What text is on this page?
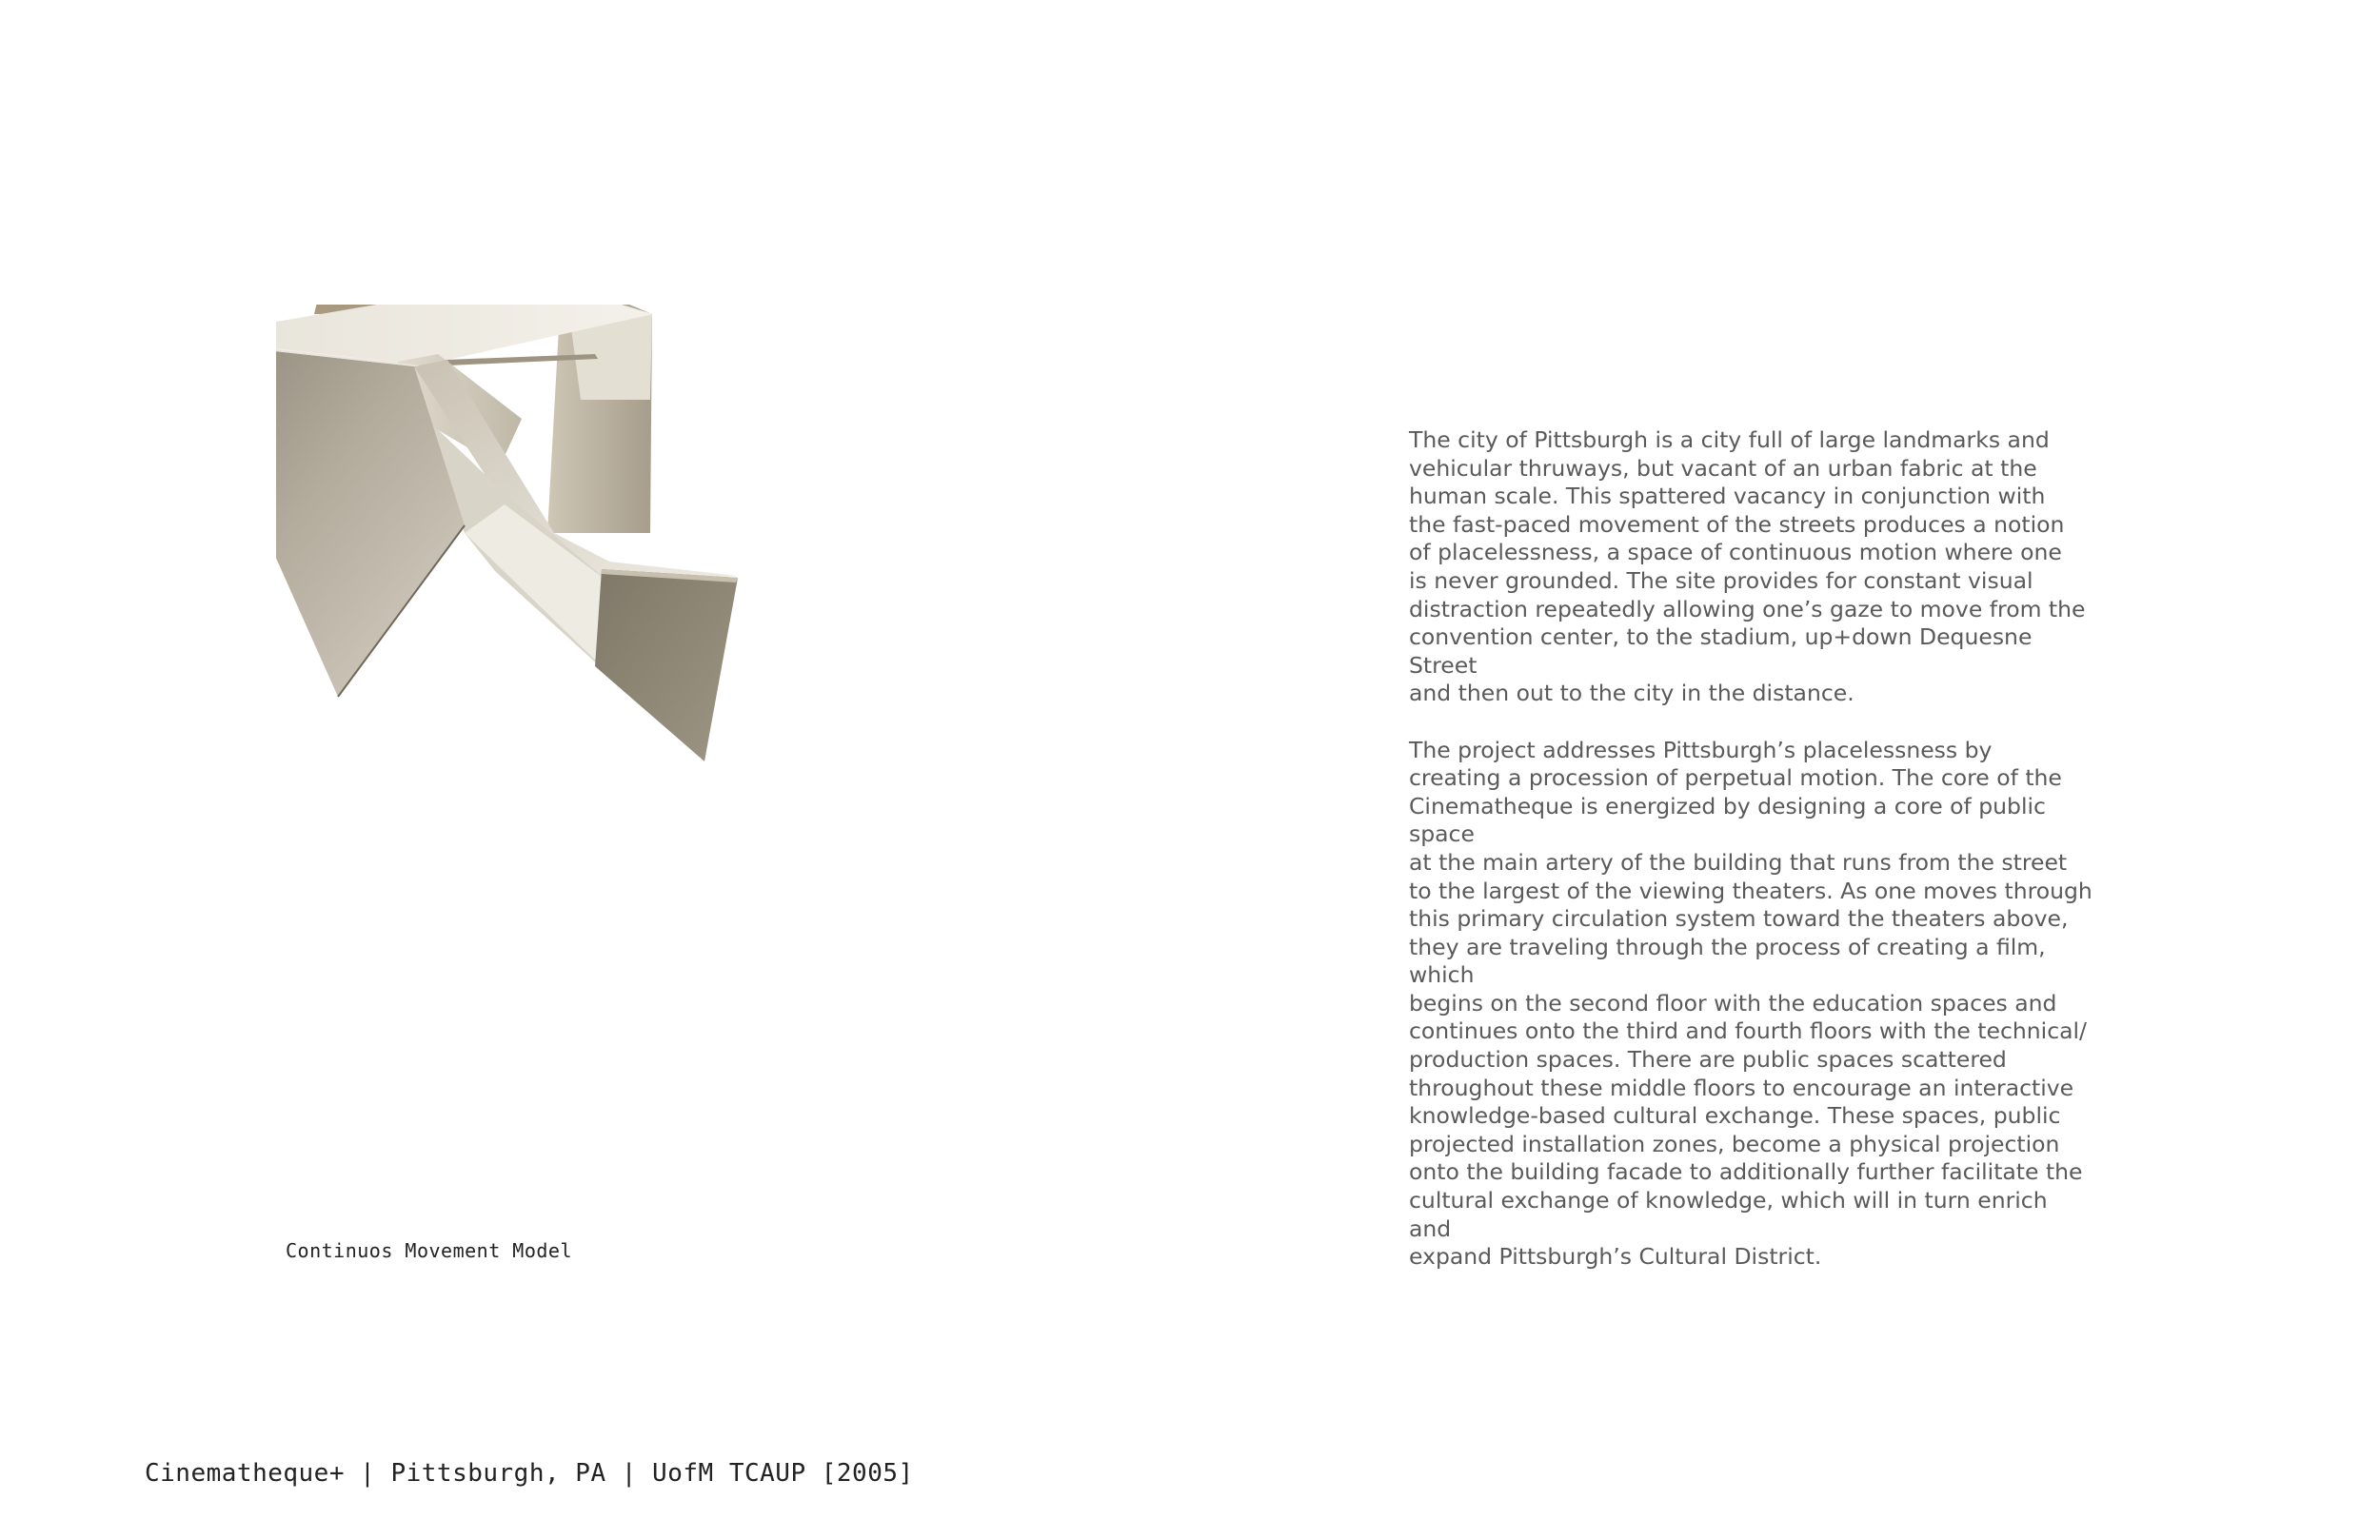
Continuos Movement Model

The city of Pittsburgh is a city full of large landmarks and
vehicular thruways, but vacant of an urban fabric at the
human scale. This spattered vacancy in conjunction with
the fast-paced movement of the streets produces a notion
of placelessness, a space of continuous motion where one
is never grounded. The site provides for constant visual
distraction repeatedly allowing one’s gaze to move from the
convention center, to the stadium, up+down Dequesne Street
and then out to the city in the distance.

The project addresses Pittsburgh’s placelessness by
creating a procession of perpetual motion. The core of the
Cinematheque is energized by designing a core of public space
at the main artery of the building that runs from the street
to the largest of the viewing theaters. As one moves through
this primary circulation system toward the theaters above,
they are traveling through the process of creating a film, which
begins on the second floor with the education spaces and
continues onto the third and fourth floors with the technical/
production spaces. There are public spaces scattered
throughout these middle floors to encourage an interactive
knowledge-based cultural exchange. These spaces, public
projected installation zones, become a physical projection
onto the building facade to additionally further facilitate the
cultural exchange of knowledge, which will in turn enrich and
expand Pittsburgh’s Cultural District.

Cinematheque+ | Pittsburgh, PA | UofM TCAUP [2005]
